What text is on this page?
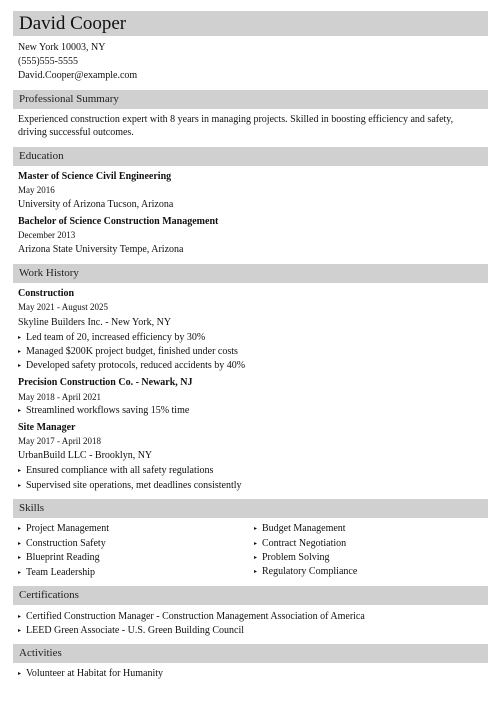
David Cooper
New York 10003, NY
(555)555-5555
David.Cooper@example.com
Professional Summary
Experienced construction expert with 8 years in managing projects. Skilled in boosting efficiency and safety, driving successful outcomes.
Education
Master of Science Civil Engineering
May 2016
University of Arizona Tucson, Arizona
Bachelor of Science Construction Management
December 2013
Arizona State University Tempe, Arizona
Work History
Construction
May 2021 - August 2025
Skyline Builders Inc. - New York, NY
▸ Led team of 20, increased efficiency by 30%
▸ Managed $200K project budget, finished under costs
▸ Developed safety protocols, reduced accidents by 40%
Precision Construction Co. - Newark, NJ
May 2018 - April 2021
▸ Streamlined workflows saving 15% time
Site Manager
May 2017 - April 2018
UrbanBuild LLC - Brooklyn, NY
▸ Ensured compliance with all safety regulations
▸ Supervised site operations, met deadlines consistently
Skills
▸ Project Management
▸ Construction Safety
▸ Blueprint Reading
▸ Team Leadership
▸ Budget Management
▸ Contract Negotiation
▸ Problem Solving
▸ Regulatory Compliance
Certifications
▸ Certified Construction Manager - Construction Management Association of America
▸ LEED Green Associate - U.S. Green Building Council
Activities
▸ Volunteer at Habitat for Humanity
